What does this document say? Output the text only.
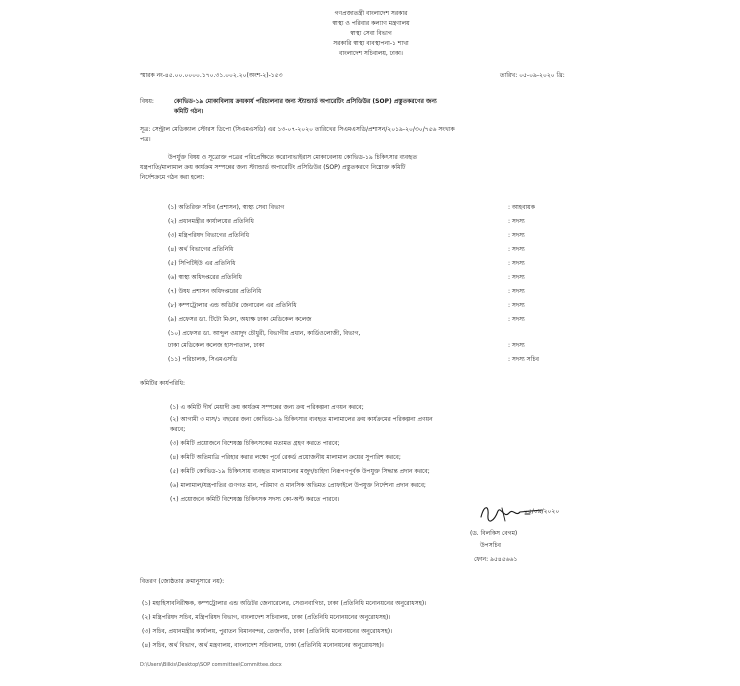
গণপ্রজাতন্ত্রী বাংলাদেশ সরকার
স্বাস্থ্য ও পরিবার কল্যাণ মন্ত্রণালয়
স্বাস্থ্য সেবা বিভাগ
সরকারি স্বাস্থ্য ব্যবস্থাপনা-১ শাখা
বাংলাদেশ সচিবালয়, ঢাকা।
স্মারক নং-৪৫.০০.০০০০.১৭০.৩১.০০২.২০(অংশ-২)-১৫৩	তারিখ: ০৫-০৯-২০২০ খ্রি:
বিষয়:	কোভিড-১৯ মোকাবিলায় ক্রয়কার্য পরিচালনার জন্য স্ট্যান্ডার্ড অপারেটিং প্রসিডিউর (SOP) প্রস্তুতকরণের জন্য
কমিটি গঠন।
সূত্র: সেন্ট্রাল মেডিক্যাল স্টোরস ডিপো (সিএমএসডি) এর ১৩-০৭-২০২০ তারিখের সিএমএসডি/প্রশাসন/২০১৯-২০/৩০/৭৫৬ সংখ্যক
পত্র।
উপর্যুক্ত বিষয় ও সূত্রোক্ত পত্রের পরিপ্রেক্ষিতে করোনাভাইরাস মোকাবেলায় কোভিড-১৯ চিকিৎসার ব্যবহৃত
যন্ত্রপাতি/মালামাল ক্রয় কার্যক্রম সম্পন্নের জন্য স্ট্যান্ডার্ড অপারেটিং প্রসিডিউর (SOP) প্রস্তুতকরণে নিম্নোক্ত কমিটি
নির্দেশক্রমে গঠন করা হলো:
(১) অতিরিক্ত সচিব (প্রশাসন), স্বাস্থ্য সেবা বিভাগ	: আহবায়ক
(২) প্রধানমন্ত্রীর কার্যালয়ের প্রতিনিধি	: সদস্য
(৩) মন্ত্রিপরিষদ বিভাগের প্রতিনিধি	: সদস্য
(৪) অর্থ বিভাগের প্রতিনিধি	: সদস্য
(৫) সিপিটিইউ এর প্রতিনিধি	: সদস্য
(৬) স্বাস্থ্য অধিদপ্তরের প্রতিনিধি	: সদস্য
(৭) উষধ প্রশাসন অধিদপ্তরের প্রতিনিধি	: সদস্য
(৮) কম্পট্রোলার এন্ড অডিটর জেনারেল এর প্রতিনিধি	: সদস্য
(৯) প্রফেসর ডা. টিটো মিঞা, অধ্যক্ষ ঢাকা মেডিকেল কলেজ	: সদস্য
(১০) প্রফেসর ডা. আব্দুল ওয়াদুদ চৌধুরী, বিভাগীয় প্রধান, কার্ডিওলোজী, বিভাগ,
ঢাকা মেডিকেল কলেজ হাসপাতাল, ঢাকা	: সদস্য
(১১) পরিচালক, সিএমএসডি	: সদস্য সচিব
কমিটির কার্যপরিধি:
(১) এ কমিটি দীর্ঘ মেয়াদী ক্রয় কার্যক্রম সম্পন্নের জন্য ক্রয় পরিকল্পনা প্রণয়ন করবে;
(২) আগামী ৩ মাস/১ বছরের জন্য কোভিড-১৯ চিকিৎসার ব্যবহৃত মালামালের ক্রয় কার্যক্রমের পরিকল্পনা প্রণয়ন
করবে;
(৩) কমিটি প্রয়োজনে বিশেষজ্ঞ চিকিৎসকের মতামত গ্রহণ করতে পারবে;
(৪) কমিটি অতিমাত্রি পরিহার করার লক্ষ্যে পূর্বে রেকর্ড প্রয়োজনীয় মালামাল ক্রয়ের সুপারিশ করবে;
(৫) কমিটি কোভিড-১৯ চিকিৎসায় ব্যবহৃত মালামালের মজুদ/চাহিদা নিরূপণপূর্বক উপযুক্ত সিদ্ধান্ত প্রদান করবে;
(৬) মালামাল/যন্ত্রপাতির গুণগত মান, পরিমাণ ও মানসিক অভিমত প্রোফাইলে উপযুক্ত নির্দেশনা প্রদান করবে;
(৭) প্রয়োজনে কমিটি বিশেষজ্ঞ চিকিৎসক সদস্য কো-অপ্ট করতে পারবে।
০৫/০৯/২০২০
(ড. বিলকিস বেগম)
উপসচিব
ফোন: ৯৫৪৫৬৬১
বিতরণ (জ্যেষ্ঠতার ক্রমানুসারে নয়):
(১) মহাহিসাবনিরীক্ষক, কম্পট্রোলার এন্ড অডিটর জেনারেলের, সেগুনবাগিচা, ঢাকা (প্রতিনিধি মনোনয়নের অনুরোধসহ)।
(২) মন্ত্রিপরিষদ সচিব, মন্ত্রিপরিষদ বিভাগ, বাংলাদেশ সচিবালয়, ঢাকা (প্রতিনিধি মনোনয়নের অনুরোধসহ)।
(৩) সচিব, প্রধানমন্ত্রীর কার্যালয়, পুরাতন বিমানবন্দর, তেজগাঁও, ঢাকা (প্রতিনিধি মনোনয়নের অনুরোধসহ)।
(৪) সচিব, অর্থ বিভাগ, অর্থ মন্ত্রণালয়, বাংলাদেশ সচিবালয়, ঢাকা (প্রতিনিধি মনোনয়নের অনুরোধসহ)।
D:\Users\Bilkis\Desktop\SOP committee\Committee.docx
